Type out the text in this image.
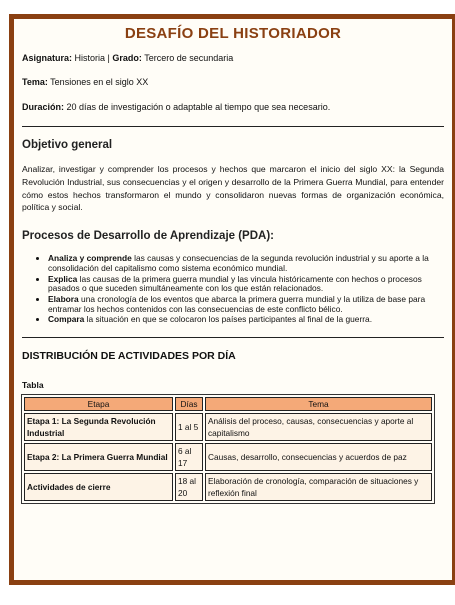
DESAFÍO DEL HISTORIADOR

Asignatura: Historia | Grado: Tercero de secundaria

Tema: Tensiones en el siglo XX

Duración: 20 días de investigación o adaptable al tiempo que sea necesario.

Objetivo general

Analizar, investigar y comprender los procesos y hechos que marcaron el inicio del siglo XX: la Segunda Revolución Industrial, sus consecuencias y el origen y desarrollo de la Primera Guerra Mundial, para entender cómo estos hechos transformaron el mundo y consolidaron nuevas formas de organización económica, política y social.

Procesos de Desarrollo de Aprendizaje (PDA):
• Analiza y comprende las causas y consecuencias de la segunda revolución industrial y su aporte a la consolidación del capitalismo como sistema económico mundial.
• Explica las causas de la primera guerra mundial y las vincula históricamente con hechos o procesos pasados o que suceden simultáneamente con los que están relacionados.
• Elabora una cronología de los eventos que abarca la primera guerra mundial y la utiliza de base para entramar los hechos contenidos con las consecuencias de este conflicto bélico.
• Compara la situación en que se colocaron los países participantes al final de la guerra.
DISTRIBUCIÓN DE ACTIVIDADES POR DÍA
Tabla
Etapa	Días	Tema
Etapa 1: La Segunda Revolución Industrial	1 al 5	Análisis del proceso, causas, consecuencias y aporte al capitalismo
Etapa 2: La Primera Guerra Mundial	6 al 17	Causas, desarrollo, consecuencias y acuerdos de paz
Actividades de cierre	18 al 20	Elaboración de cronología, comparación de situaciones y reflexión final
